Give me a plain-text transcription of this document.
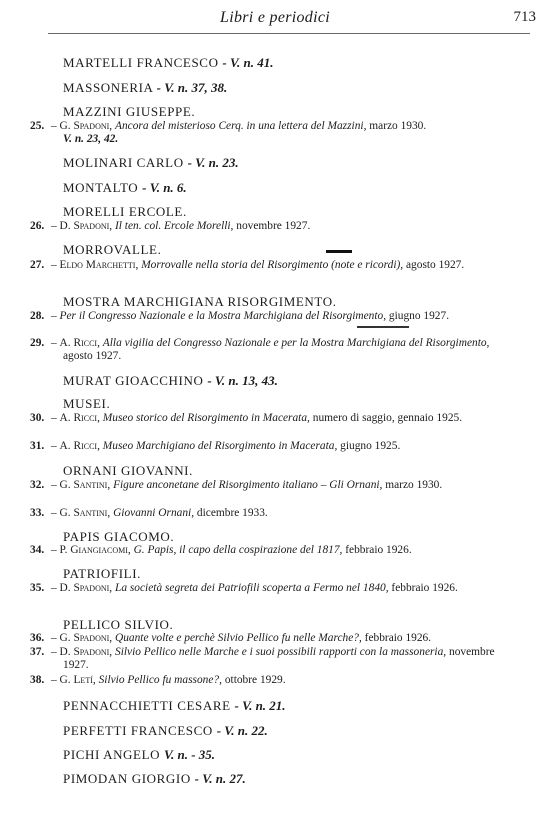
Libri e periodici	713
MARTELLI FRANCESCO - V. n. 41.
MASSONERIA - V. n. 37, 38.
MAZZINI GIUSEPPE.
25. – G. Spadoni, Ancora del misterioso Cerq. in una lettera del Mazzini, marzo 1930.
V. n. 23, 42.
MOLINARI CARLO - V. n. 23.
MONTALTO - V. n. 6.
MORELLI ERCOLE.
26. – D. Spadoni, Il ten. col. Ercole Morelli, novembre 1927.
MORROVALLE.
27. – Eldo Marchetti, Morrovalle nella storia del Risorgimento (note e ricordi), agosto 1927.
MOSTRA MARCHIGIANA RISORGIMENTO.
28. – Per il Congresso Nazionale e la Mostra Marchigiana del Risorgimento, giugno 1927.
29. – A. Ricci, Alla vigilia del Congresso Nazionale e per la Mostra Marchigiana del Risorgimento, agosto 1927.
MURAT GIOACCHINO - V. n. 13, 43.
MUSEI.
30. – A. Ricci, Museo storico del Risorgimento in Macerata, numero di saggio, gennaio 1925.
31. – A. Ricci, Museo Marchigiano del Risorgimento in Macerata, giugno 1925.
ORNANI GIOVANNI.
32. – G. Santini, Figure anconetane del Risorgimento italiano – Gli Ornani, marzo 1930.
33. – G. Santini, Giovanni Ornani, dicembre 1933.
PAPIS GIACOMO.
34. – P. Giangiacomi, G. Papis, il capo della cospirazione del 1817, febbraio 1926.
PATRIOFILI.
35. – D. Spadoni, La società segreta dei Patriofili scoperta a Fermo nel 1840, febbraio 1926.
PELLICO SILVIO.
36. – G. Spadoni, Quante volte e perchè Silvio Pellico fu nelle Marche?, febbraio 1926.
37. – D. Spadoni, Silvio Pellico nelle Marche e i suoi possibili rapporti con la massoneria, novembre 1927.
38. – G. Letí, Silvio Pellico fu massone?, ottobre 1929.
PENNACCHIETTI CESARE - V. n. 21.
PERFETTI FRANCESCO - V. n. 22.
PICHI ANGELO V. n. - 35.
PIMODAN GIORGIO - V. n. 27.
